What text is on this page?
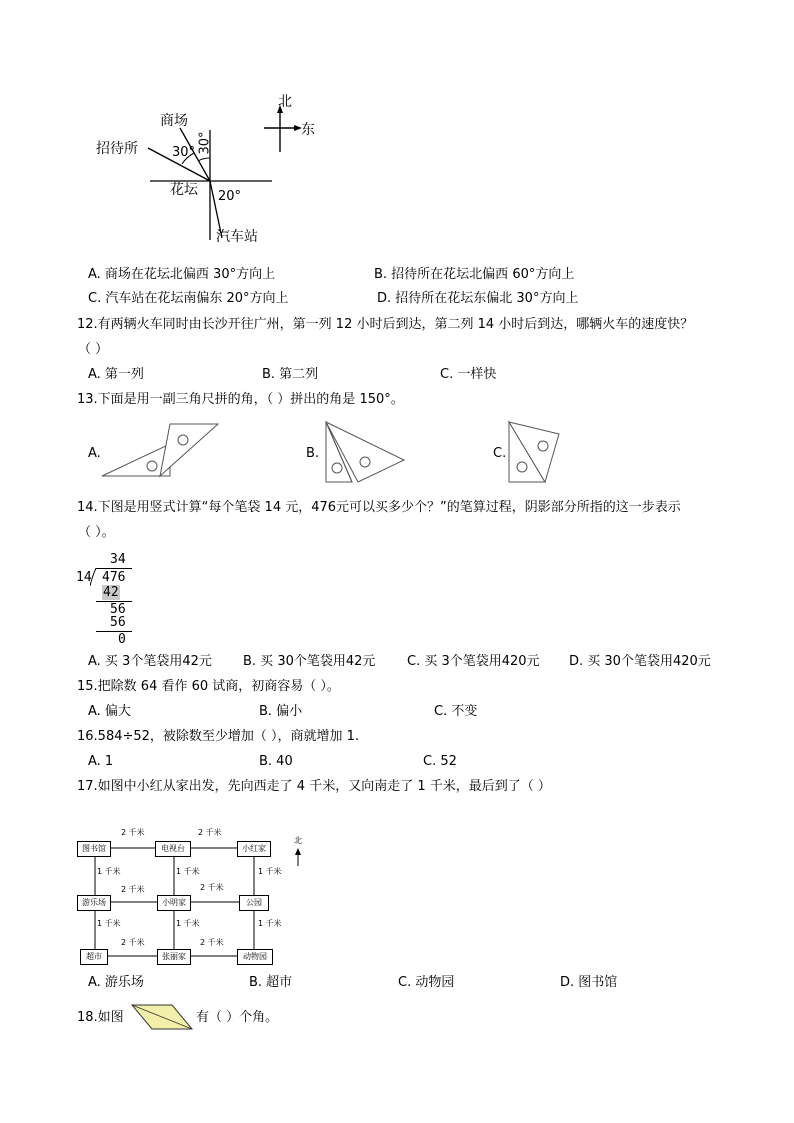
北
东
商场
招待所
花坛
汽车站
30° 30°
20°
A. 商场在花坛北偏西 30°方向上	B. 招待所在花坛北偏西 60°方向上
C. 汽车站在花坛南偏东 20°方向上	D. 招待所在花坛东偏北 30°方向上
12.有两辆火车同时由长沙开往广州，第一列 12 小时后到达，第二列 14 小时后到达，哪辆火车的速度快？
（ ）
A. 第一列	B. 第二列	C. 一样快
13.下面是用一副三角尺拼的角，（ ）拼出的角是 150°。
A.	B.	C.
14.下图是用竖式计算“每个笔袋 14 元，476元可以买多少个？”的笔算过程，阴影部分所指的这一步表示
（ ）。
34
14 476
42
56
56
0
A. 买 3个笔袋用42元 B. 买 30个笔袋用42元 C. 买 3个笔袋用420元 D. 买 30个笔袋用420元
15.把除数 64 看作 60 试商，初商容易（ ）。
A. 偏大	B. 偏小	C. 不变
16.584÷52，被除数至少增加（ ），商就增加 1.
A. 1	B. 40	C. 52
17.如图中小红从家出发，先向西走了 4 千米，又向南走了 1 千米，最后到了（ ）
北
图书馆	电视台	小红家
游乐场	小明家	公园
超市	张丽家	动物园
2 千米	2 千米
2 千米	2 千米
2 千米	2 千米
1 千米	1 千米	1 千米
1 千米	1 千米	1 千米
A. 游乐场	B. 超市	C. 动物园	D. 图书馆
18.如图	有（ ）个角。
